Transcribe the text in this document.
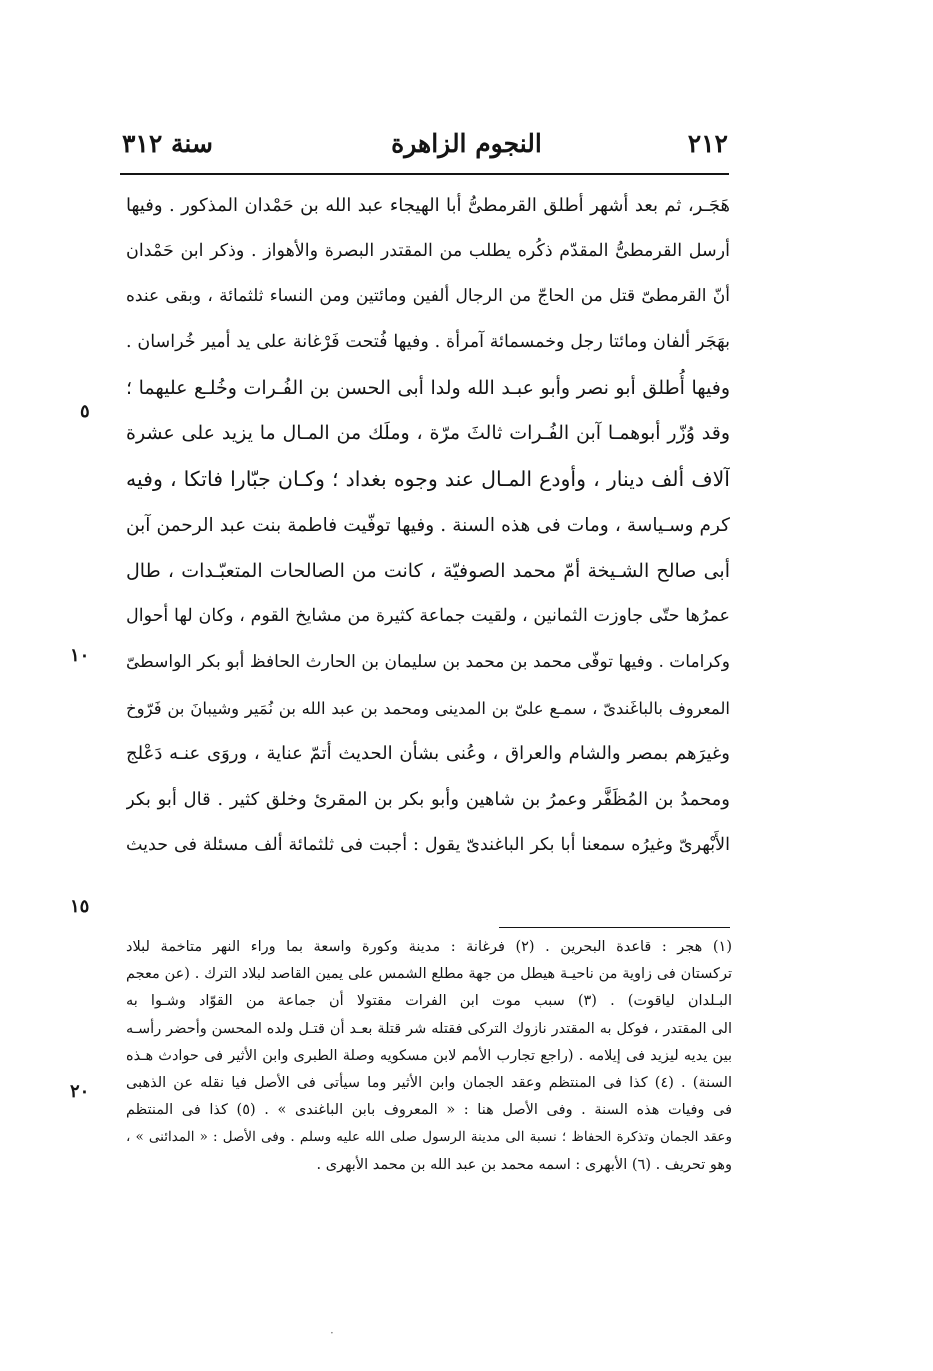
٢١٢
النجوم الزاهرة
سنة ٣١٢
هَجَـر، ثم بعد أشهر أطلق القرمطىُّ أبا الهيجاء عبد الله بن حَمْدان المذكور . وفيها
أرسل القرمطىُّ المقدّم ذكُره يطلب من المقتدر البصرة والأهواز . وذكر ابن حَمْدان
أنّ القرمطىّ قتل من الحاجّ من الرجال ألفين ومائتين ومن النساء ثلثمائة ، وبقى عنده
بهَجَر ألفان ومائتا رجل وخمسمائة آمرأة . وفيها فُتحت فَرْغانة على يد أمير خُراسان .
وفيها أُطلق أبو نصر وأبو عبـد الله ولدا أبى الحسن بن الفُـرات وخُلـع عليهما ؛
وقد وُزّر أبوهمـا آبن الفُـرات ثالثَ مرّة ، وملَك من المـال ما يزيد على عشرة
آلاف ألف دينار ، وأودع المـال عند وجوه بغداد ؛ وكـان جبّارا فاتكا ، وفيه
كرم وسـياسة ، ومات فى هذه السنة . وفيها توفّيت فاطمة بنت عبد الرحمن آبن
أبى صالح الشـيخة أمّ محمد الصوفيّة ، كانت من الصالحات المتعبّـدات ، طال
عمرُها حتّى جاوزت الثمانين ، ولقيت جماعة كثيرة من مشايخ القوم ، وكان لها أحوال
وكرامات . وفيها توفّى محمد بن محمد بن سليمان بن الحارث الحافظ أبو بكر الواسطىّ
المعروف بالباغَندىّ ، سمـع علىّ بن المدينى ومحمد بن عبد الله بن نُمَير وشيبانَ بن فَرّوخ
وغيرَهم بمصر والشام والعراق ، وعُنى بشأن الحديث أتمّ عناية ، وروَى عنـه دَعْلج
ومحمدُ بن المُظَفَّر وعمرُ بن شاهين وأبو بكر بن المقرئ وخلق كثير . قال أبو بكر
الأَبْهرىّ وغيرُه سمعنا أبا بكر الباغندىّ يقول : أجبت فى ثلثمائة ألف مسئلة فى حديث
٥
١٠
١٥
٢٠
(١) هجر : قاعدة البحرين . (٢) فرغانة : مدينة وكورة واسعة بما وراء النهر متاخمة لبلاد
تركستان فى زاوية من ناحيـة هيطل من جهة مطلع الشمس على يمين القاصد لبلاد الترك . (عن معجم
البـلدان لياقوت) . (٣) سبب موت ابن الفرات مقتولا أن جماعة من القوّاد وشـوا به
الى المقتدر ، فوكل به المقتدر نازوك التركى فقتله شر قتلة بعـد أن قتـل ولده المحسن وأحضر رأسـه
بين يديه ليزيد فى إيلامه . (راجع تجارب الأمم لابن مسكويه وصلة الطبرى وابن الأثير فى حوادث هـذه
السنة) . (٤) كذا فى المنتظم وعقد الجمان وابن الأثير وما سيأتى فى الأصل فيا نقله عن الذهبى
فى وفيات هذه السنة . وفى الأصل هنا : « المعروف بابن الباغندى » . (٥) كذا فى المنتظم
وعقد الجمان وتذكرة الحفاظ ؛ نسبة الى مدينة الرسول صلى الله عليه وسلم . وفى الأصل : « المدائنى » ،
وهو تحريف . (٦) الأبهرى : اسمه محمد بن عبد الله بن محمد الأبهرى .
·
